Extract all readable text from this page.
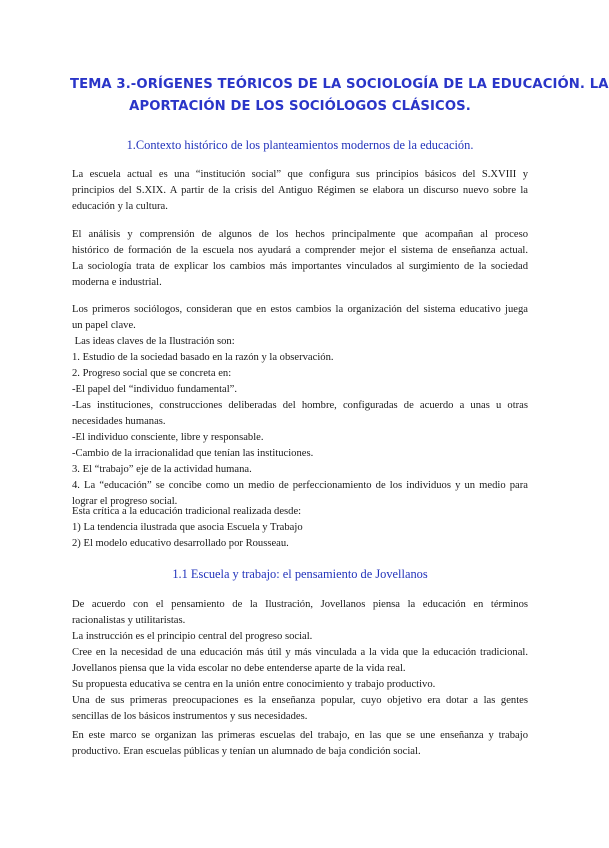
TEMA 3.-ORÍGENES TEÓRICOS DE LA SOCIOLOGÍA DE LA EDUCACIÓN. LA
APORTACIÓN DE LOS SOCIÓLOGOS CLÁSICOS.
1.Contexto histórico de los planteamientos modernos de la educación.
La escuela actual es una “institución social” que configura sus principios básicos del S.XVIII y
principios del S.XIX. A partir de la crisis del Antiguo Régimen se elabora un discurso nuevo sobre la
educación y la cultura.
El análisis y comprensión de algunos de los hechos principalmente que acompañan al proceso
histórico de formación de la escuela nos ayudará a comprender mejor el sistema de enseñanza actual.
La sociología trata de explicar los cambios más importantes vinculados al surgimiento de la sociedad
moderna e industrial.
Los primeros sociólogos, consideran que en estos cambios la organización del sistema educativo juega
un papel clave.
Las ideas claves de la Ilustración son:
1. Estudio de la sociedad basado en la razón y la observación.
2. Progreso social que se concreta en:
-El papel del “individuo fundamental”.
-Las instituciones, construcciones deliberadas del hombre, configuradas de acuerdo a unas u otras
necesidades humanas.
-El individuo consciente, libre y responsable.
-Cambio de la irracionalidad que tenían las instituciones.
3. El “trabajo” eje de la actividad humana.
4. La “educación” se concibe como un medio de perfeccionamiento de los individuos y un medio para
lograr el progreso social.
Esta crítica a la educación tradicional realizada desde:
1) La tendencia ilustrada que asocia Escuela y Trabajo
2) El modelo educativo desarrollado por Rousseau.
1.1 Escuela y trabajo: el pensamiento de Jovellanos
De acuerdo con el pensamiento de la Ilustración, Jovellanos piensa la educación en términos
racionalistas y utilitaristas.
La instrucción es el principio central del progreso social.
Cree en la necesidad de una educación más útil y más vinculada a la vida que la educación tradicional.
Jovellanos piensa que la vida escolar no debe entenderse aparte de la vida real.
Su propuesta educativa se centra en la unión entre conocimiento y trabajo productivo.
Una de sus primeras preocupaciones es la enseñanza popular, cuyo objetivo era dotar a las gentes
sencillas de los básicos instrumentos y sus necesidades.
En este marco se organizan las primeras escuelas del trabajo, en las que se une enseñanza y trabajo
productivo. Eran escuelas públicas y tenían un alumnado de baja condición social.
